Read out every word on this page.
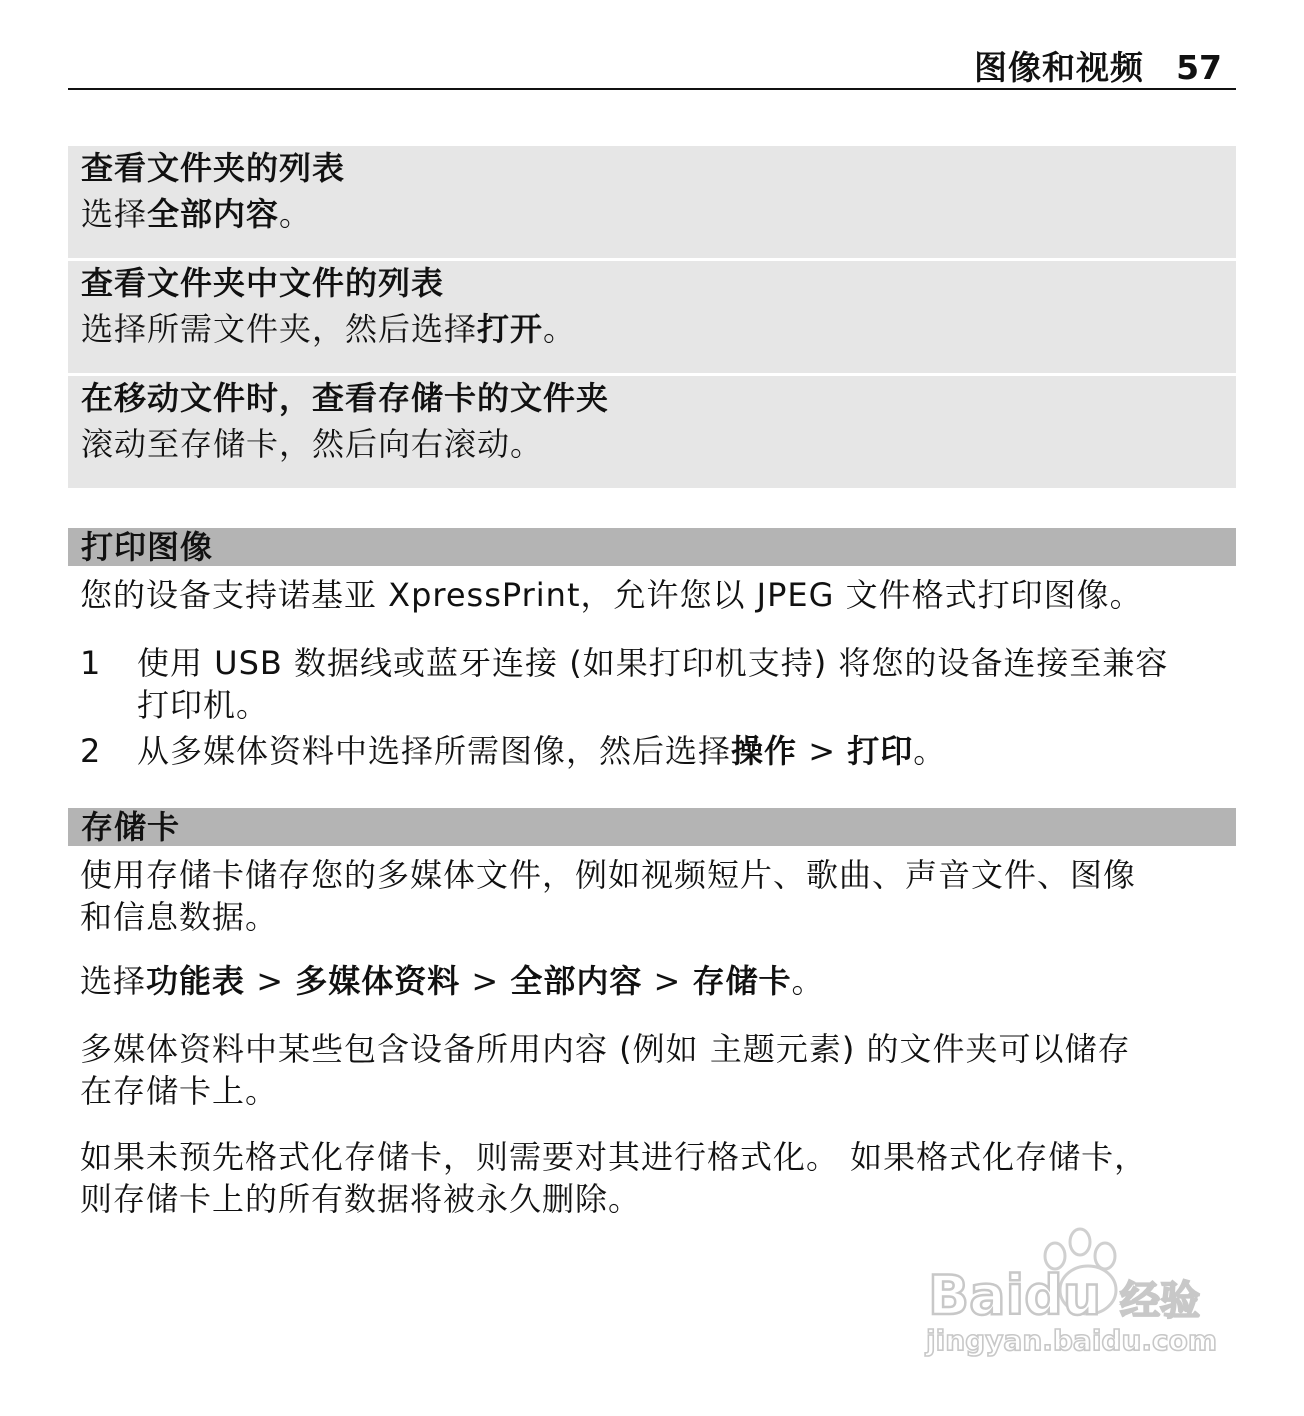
图像和视频 57
查看文件夹的列表
选择全部内容。
查看文件夹中文件的列表
选择所需文件夹，然后选择打开。
在移动文件时，查看存储卡的文件夹
滚动至存储卡，然后向右滚动。
打印图像

您的设备支持诺基亚 XpressPrint，允许您以 JPEG 文件格式打印图像。

1 使用 USB 数据线或蓝牙连接 (如果打印机支持) 将您的设备连接至兼容
打印机。
2 从多媒体资料中选择所需图像，然后选择操作 > 打印。
存储卡
使用存储卡储存您的多媒体文件，例如视频短片、歌曲、声音文件、图像
和信息数据。
选择功能表 > 多媒体资料 > 全部内容 > 存储卡。
多媒体资料中某些包含设备所用内容 (例如 主题元素) 的文件夹可以储存
在存储卡上。
如果未预先格式化存储卡，则需要对其进行格式化。 如果格式化存储卡，
则存储卡上的所有数据将被永久删除。
Baidu 经验
jingyan.baidu.com
